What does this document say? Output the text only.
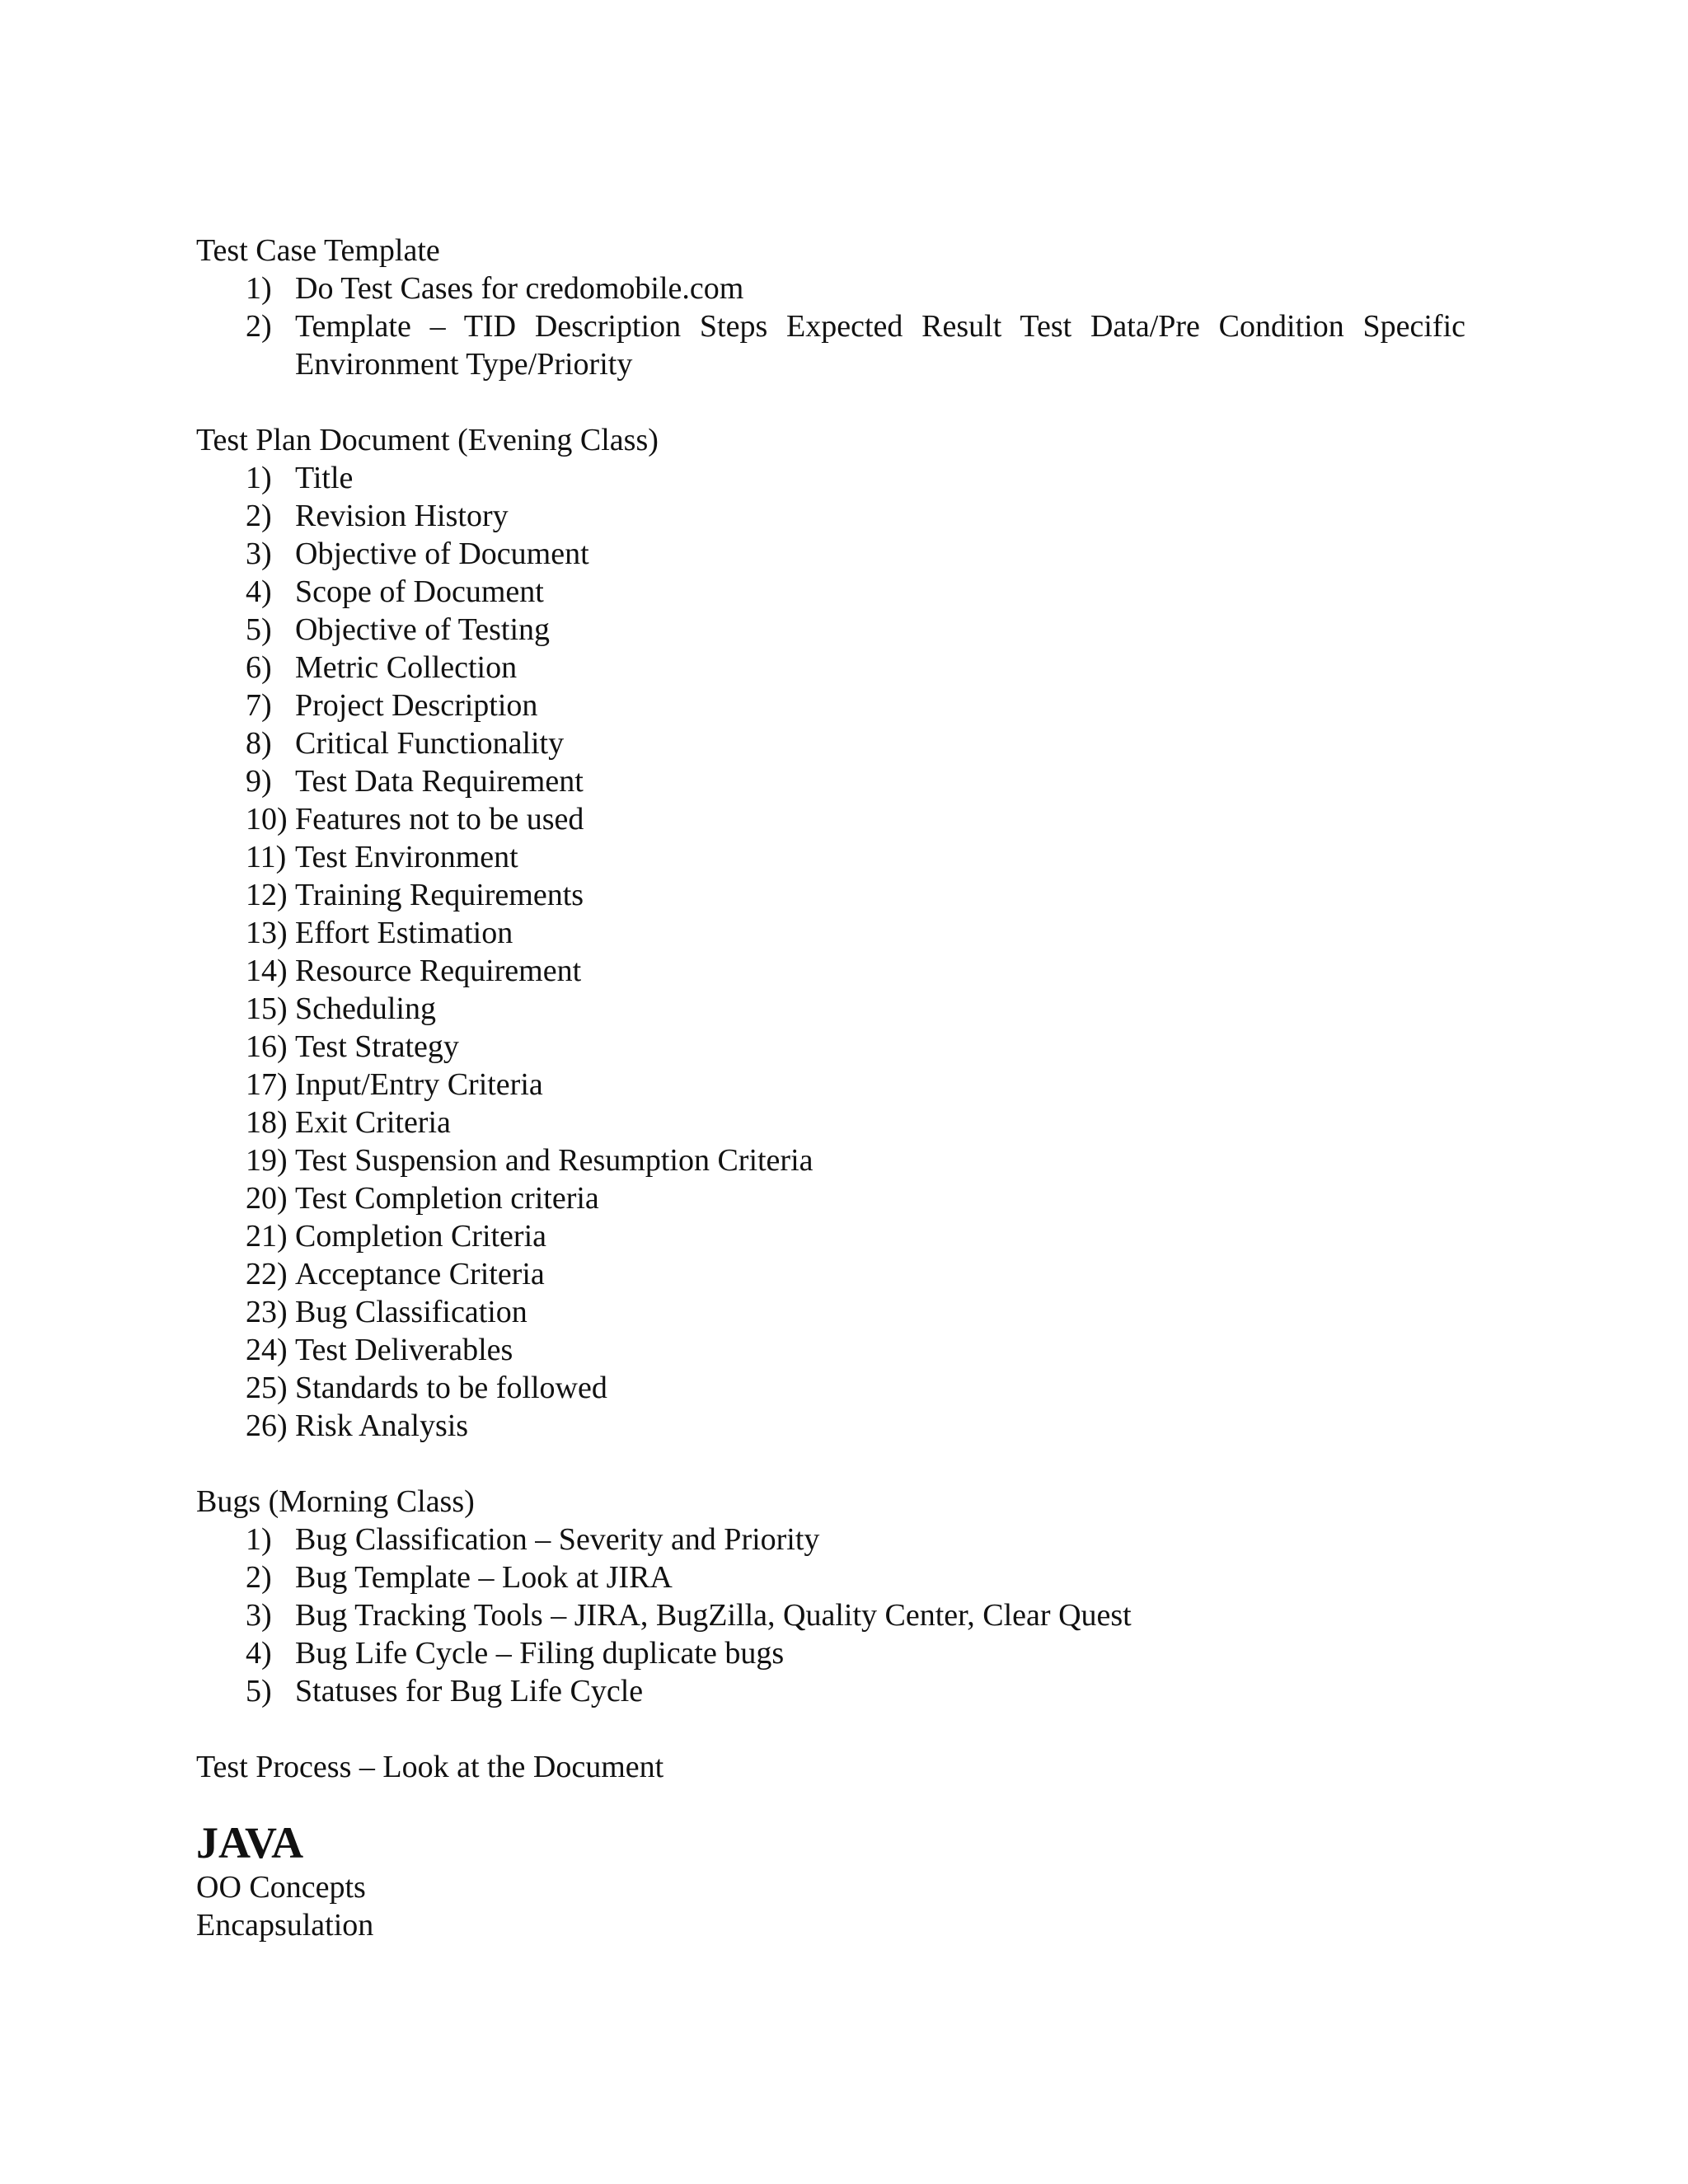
Test Case Template

1) Do Test Cases for credomobile.com
2) Template – TID Description Steps Expected Result Test Data/Pre Condition Specific Environment Type/Priority

Test Plan Document (Evening Class)

1) Title
2) Revision History
3) Objective of Document
4) Scope of Document
5) Objective of Testing
6) Metric Collection
7) Project Description
8) Critical Functionality
9) Test Data Requirement
10) Features not to be used
11) Test Environment
12) Training Requirements
13) Effort Estimation
14) Resource Requirement
15) Scheduling
16) Test Strategy
17) Input/Entry Criteria
18) Exit Criteria
19) Test Suspension and Resumption Criteria
20) Test Completion criteria
21) Completion Criteria
22) Acceptance Criteria
23) Bug Classification
24) Test Deliverables
25) Standards to be followed
26) Risk Analysis

Bugs (Morning Class)

1) Bug Classification – Severity and Priority
2) Bug Template – Look at JIRA
3) Bug Tracking Tools – JIRA, BugZilla, Quality Center, Clear Quest
4) Bug Life Cycle – Filing duplicate bugs
5) Statuses for Bug Life Cycle

Test Process – Look at the Document

JAVA

OO Concepts

Encapsulation
